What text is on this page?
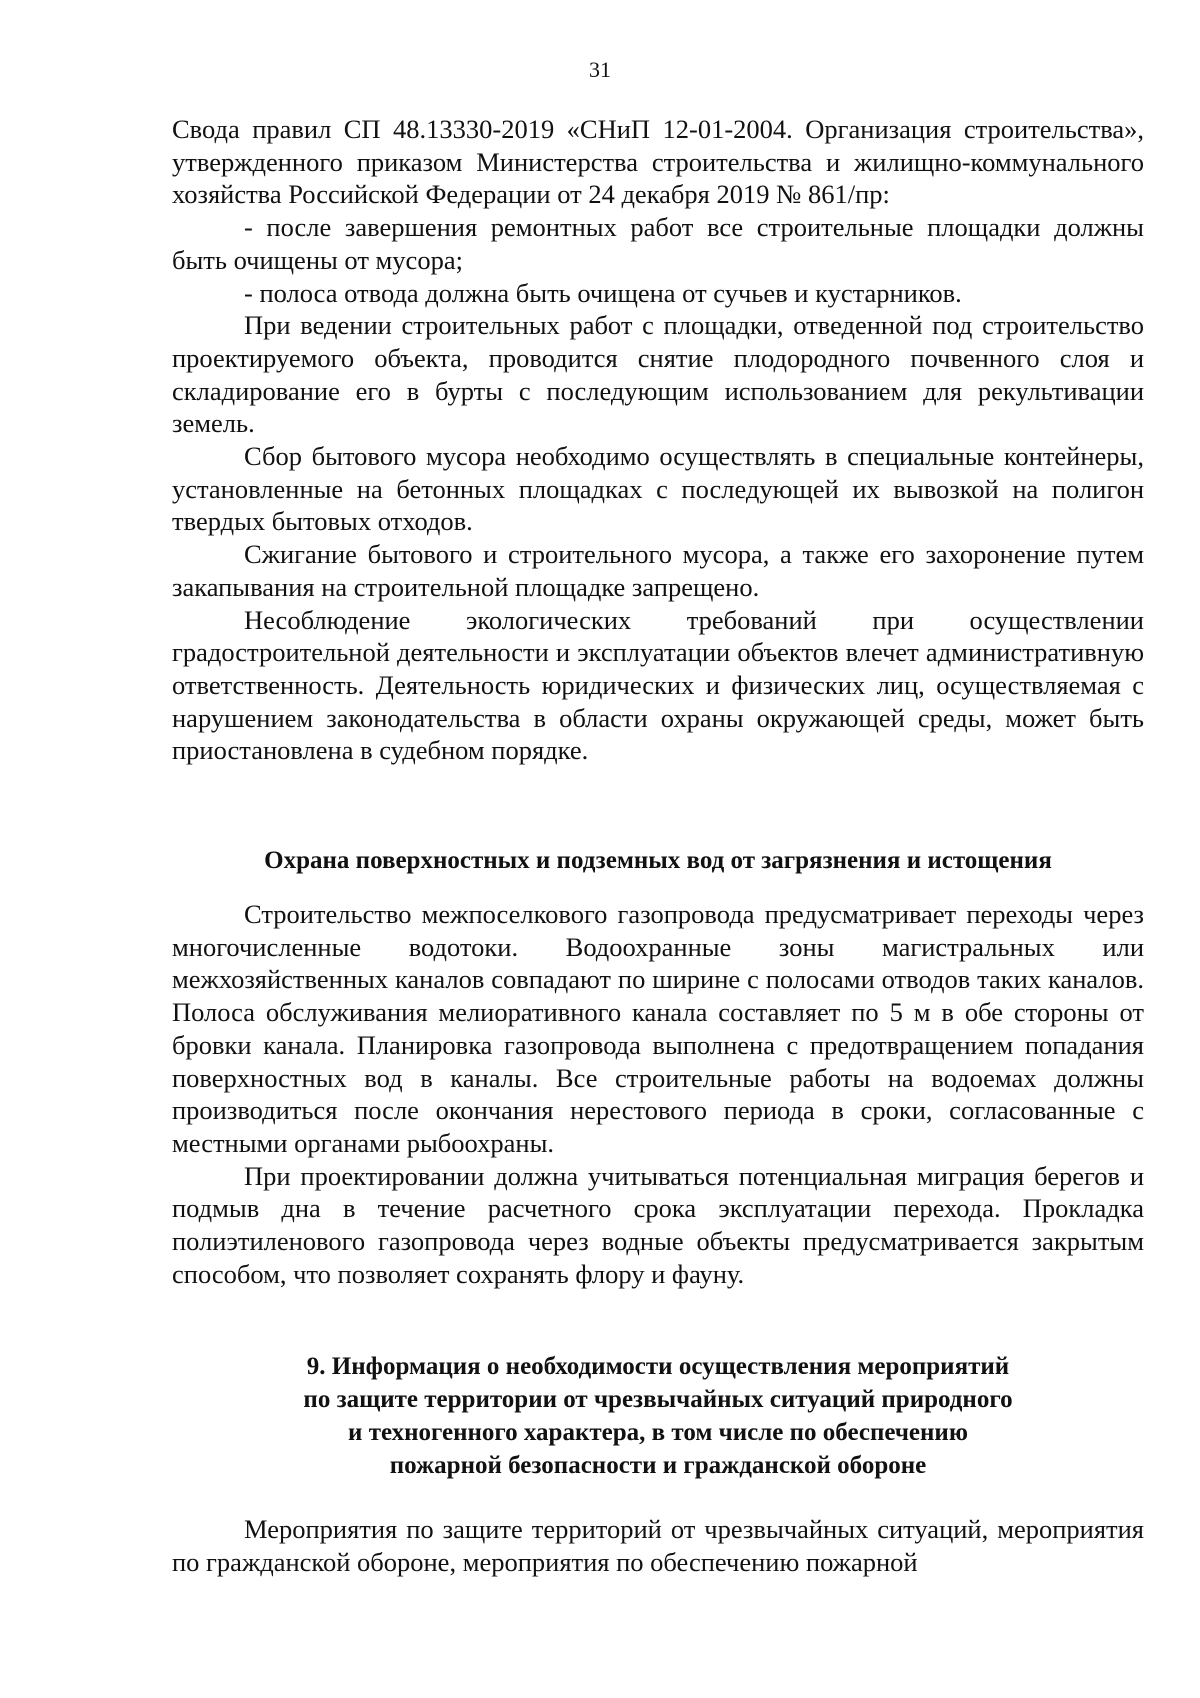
31

Свода правил СП 48.13330-2019 «СНиП 12-01-2004. Организация строительства», утвержденного приказом Министерства строительства и жилищно-коммунального хозяйства Российской Федерации от 24 декабря 2019 № 861/пр:

- после завершения ремонтных работ все строительные площадки должны быть очищены от мусора;

- полоса отвода должна быть очищена от сучьев и кустарников.

При ведении строительных работ с площадки, отведенной под строительство проектируемого объекта, проводится снятие плодородного почвенного слоя и складирование его в бурты с последующим использованием для рекультивации земель.

Сбор бытового мусора необходимо осуществлять в специальные контейнеры, установленные на бетонных площадках с последующей их вывозкой на полигон твердых бытовых отходов.

Сжигание бытового и строительного мусора, а также его захоронение путем закапывания на строительной площадке запрещено.

Несоблюдение экологических требований при осуществлении градостроительной деятельности и эксплуатации объектов влечет административную ответственность. Деятельность юридических и физических лиц, осуществляемая с нарушением законодательства в области охраны окружающей среды, может быть приостановлена в судебном порядке.

Охрана поверхностных и подземных вод от загрязнения и истощения

Строительство межпоселкового газопровода предусматривает переходы через многочисленные водотоки. Водоохранные зоны магистральных или межхозяйственных каналов совпадают по ширине с полосами отводов таких каналов. Полоса обслуживания мелиоративного канала составляет по 5 м в обе стороны от бровки канала. Планировка газопровода выполнена с предотвращением попадания поверхностных вод в каналы. Все строительные работы на водоемах должны производиться после окончания нерестового периода в сроки, согласованные с местными органами рыбоохраны.

При проектировании должна учитываться потенциальная миграция берегов и подмыв дна в течение расчетного срока эксплуатации перехода. Прокладка полиэтиленового газопровода через водные объекты предусматривается закрытым способом, что позволяет сохранять флору и фауну.

9. Информация о необходимости осуществления мероприятий
по защите территории от чрезвычайных ситуаций природного
и техногенного характера, в том числе по обеспечению
пожарной безопасности и гражданской обороне

Мероприятия по защите территорий от чрезвычайных ситуаций, мероприятия по гражданской обороне, мероприятия по обеспечению пожарной
